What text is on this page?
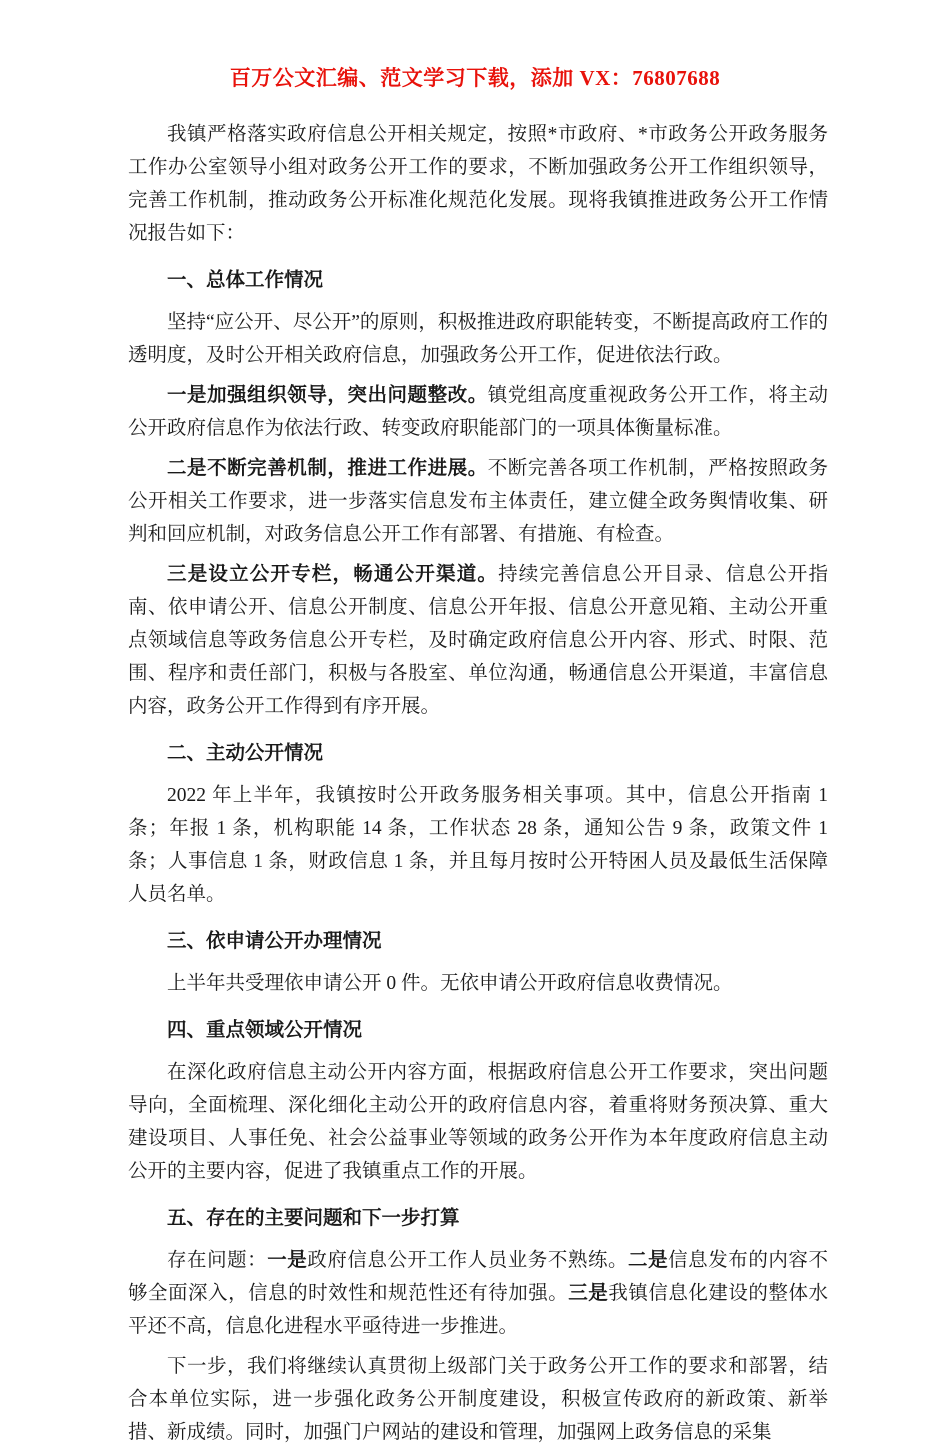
百万公文汇编、范文学习下载，添加 VX：76807688

我镇严格落实政府信息公开相关规定，按照*市政府、*市政务公开政务服务工作办公室领导小组对政务公开工作的要求，不断加强政务公开工作组织领导，完善工作机制，推动政务公开标准化规范化发展。现将我镇推进政务公开工作情况报告如下：

一、总体工作情况

坚持“应公开、尽公开”的原则，积极推进政府职能转变，不断提高政府工作的透明度，及时公开相关政府信息，加强政务公开工作，促进依法行政。

一是加强组织领导，突出问题整改。镇党组高度重视政务公开工作，将主动公开政府信息作为依法行政、转变政府职能部门的一项具体衡量标准。

二是不断完善机制，推进工作进展。不断完善各项工作机制，严格按照政务公开相关工作要求，进一步落实信息发布主体责任，建立健全政务舆情收集、研判和回应机制，对政务信息公开工作有部署、有措施、有检查。

三是设立公开专栏，畅通公开渠道。持续完善信息公开目录、信息公开指南、依申请公开、信息公开制度、信息公开年报、信息公开意见箱、主动公开重点领域信息等政务信息公开专栏，及时确定政府信息公开内容、形式、时限、范围、程序和责任部门，积极与各股室、单位沟通，畅通信息公开渠道，丰富信息内容，政务公开工作得到有序开展。

二、主动公开情况

2022 年上半年，我镇按时公开政务服务相关事项。其中，信息公开指南 1 条；年报 1 条，机构职能 14 条，工作状态 28 条，通知公告 9 条，政策文件 1 条；人事信息 1 条，财政信息 1 条，并且每月按时公开特困人员及最低生活保障人员名单。

三、依申请公开办理情况

上半年共受理依申请公开 0 件。无依申请公开政府信息收费情况。

四、重点领域公开情况

在深化政府信息主动公开内容方面，根据政府信息公开工作要求，突出问题导向，全面梳理、深化细化主动公开的政府信息内容，着重将财务预决算、重大建设项目、人事任免、社会公益事业等领域的政务公开作为本年度政府信息主动公开的主要内容，促进了我镇重点工作的开展。

五、存在的主要问题和下一步打算

存在问题：一是政府信息公开工作人员业务不熟练。二是信息发布的内容不够全面深入，信息的时效性和规范性还有待加强。三是我镇信息化建设的整体水平还不高，信息化进程水平亟待进一步推进。

下一步，我们将继续认真贯彻上级部门关于政务公开工作的要求和部署，结合本单位实际，进一步强化政务公开制度建设，积极宣传政府的新政策、新举措、新成绩。同时，加强门户网站的建设和管理，加强网上政务信息的采集
